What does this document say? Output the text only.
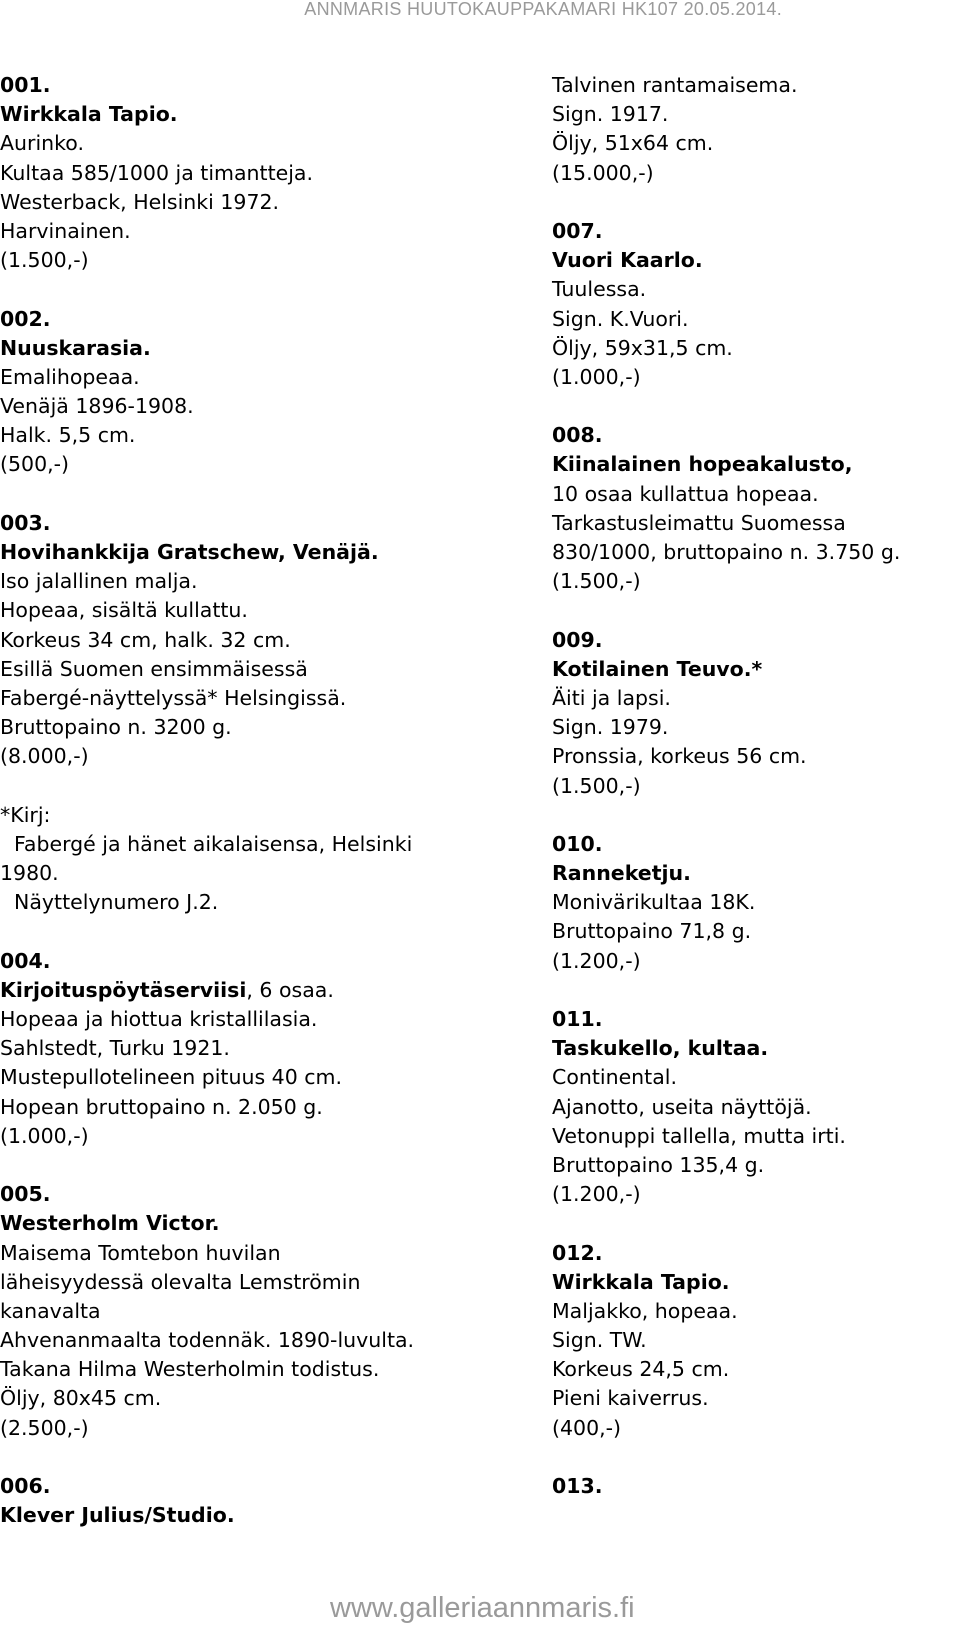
ANNMARIS HUUTOKAUPPAKAMARI HK107 20.05.2014.
001.
Wirkkala Tapio.
Aurinko.
Kultaa 585/1000 ja timantteja.
Westerback, Helsinki 1972.
Harvinainen.
(1.500,-)
002.
Nuuskarasia.
Emalihopeaa.
Venäjä 1896-1908.
Halk. 5,5 cm.
(500,-)
003.
Hovihankkija Gratschew, Venäjä.
Iso jalallinen malja.
Hopeaa, sisältä kullattu.
Korkeus 34 cm, halk. 32 cm.
Esillä Suomen ensimmäisessä
Fabergé-näyttelyssä* Helsingissä.
Bruttopaino n. 3200 g.
(8.000,-)
*Kirj:
Fabergé ja hänet aikalaisensa, Helsinki
1980.
Näyttelynumero J.2.
004.
Kirjoituspöytäserviisi, 6 osaa.
Hopeaa ja hiottua kristallilasia.
Sahlstedt, Turku 1921.
Mustepullotelineen pituus 40 cm.
Hopean bruttopaino n. 2.050 g.
(1.000,-)
005.
Westerholm Victor.
Maisema Tomtebon huvilan
läheisyydessä olevalta Lemströmin
kanavalta
Ahvenanmaalta todennäk. 1890-luvulta.
Takana Hilma Westerholmin todistus.
Öljy, 80x45 cm.
(2.500,-)
006.
Klever Julius/Studio.
Talvinen rantamaisema.
Sign. 1917.
Öljy, 51x64 cm.
(15.000,-)
007.
Vuori Kaarlo.
Tuulessa.
Sign. K.Vuori.
Öljy, 59x31,5 cm.
(1.000,-)
008.
Kiinalainen hopeakalusto,
10 osaa kullattua hopeaa.
Tarkastusleimattu Suomessa
830/1000, bruttopaino n. 3.750 g.
(1.500,-)
009.
Kotilainen Teuvo.*
Äiti ja lapsi.
Sign. 1979.
Pronssia, korkeus 56 cm.
(1.500,-)
010.
Ranneketju.
Monivärikultaa 18K.
Bruttopaino 71,8 g.
(1.200,-)
011.
Taskukello, kultaa.
Continental.
Ajanotto, useita näyttöjä.
Vetonuppi tallella, mutta irti.
Bruttopaino 135,4 g.
(1.200,-)
012.
Wirkkala Tapio.
Maljakko, hopeaa.
Sign. TW.
Korkeus 24,5 cm.
Pieni kaiverrus.
(400,-)
013.
www.galleriaannmaris.fi
